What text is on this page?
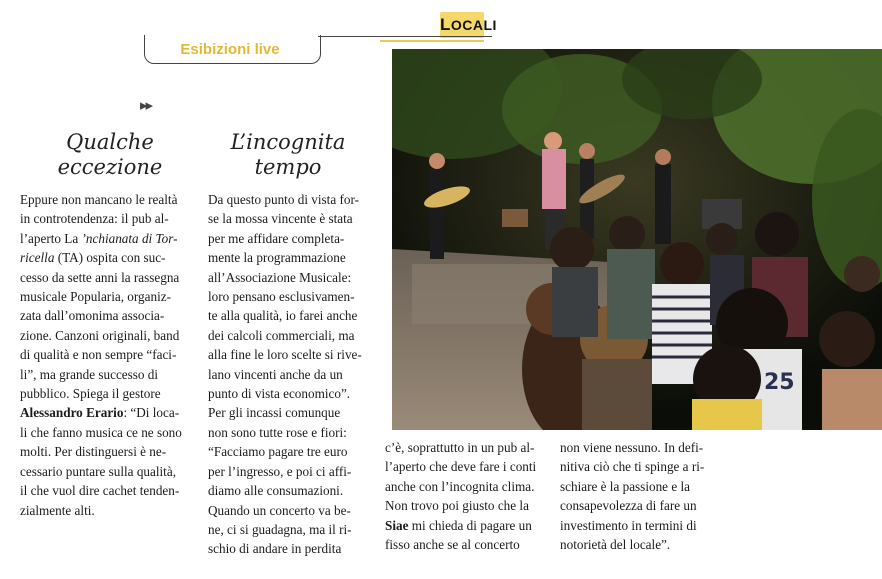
LOCALI
Esibizioni live
▸▸
Qualche
eccezione
L’incognita
tempo

Eppure non mancano le realtà

in controtendenza: il pub al-

l’aperto La ’nchianata di Tor-

ricella (TA) ospita con suc-

cesso da sette anni la rassegna

musicale Popularia, organiz-

zata dall’omonima associa-

zione. Canzoni originali, band

di qualità e non sempre “faci-

li”, ma grande successo di

pubblico. Spiega il gestore

Alessandro Erario: “Di loca-

li che fanno musica ce ne sono

molti. Per distinguersi è ne-

cessario puntare sulla qualità,

il che vuol dire cachet tenden-

zialmente alti.

Da questo punto di vista for-

se la mossa vincente è stata

per me affidare completa-

mente la programmazione

all’Associazione Musicale:

loro pensano esclusivamen-

te alla qualità, io farei anche

dei calcoli commerciali, ma

alla fine le loro scelte si rive-

lano vincenti anche da un

punto di vista economico”.

Per gli incassi comunque

non sono tutte rose e fiori:

“Facciamo pagare tre euro

per l’ingresso, e poi ci affi-

diamo alle consumazioni.

Quando un concerto va be-

ne, ci si guadagna, ma il ri-

schio di andare in perdita

c’è, soprattutto in un pub al-

l’aperto che deve fare i conti

anche con l’incognita clima.

Non trovo poi giusto che la

Siae mi chieda di pagare un

fisso anche se al concerto

non viene nessuno. In defi-

nitiva ciò che ti spinge a ri-

schiare è la passione e la

consapevolezza di fare un

investimento in termini di

notorietà del locale”.

25
